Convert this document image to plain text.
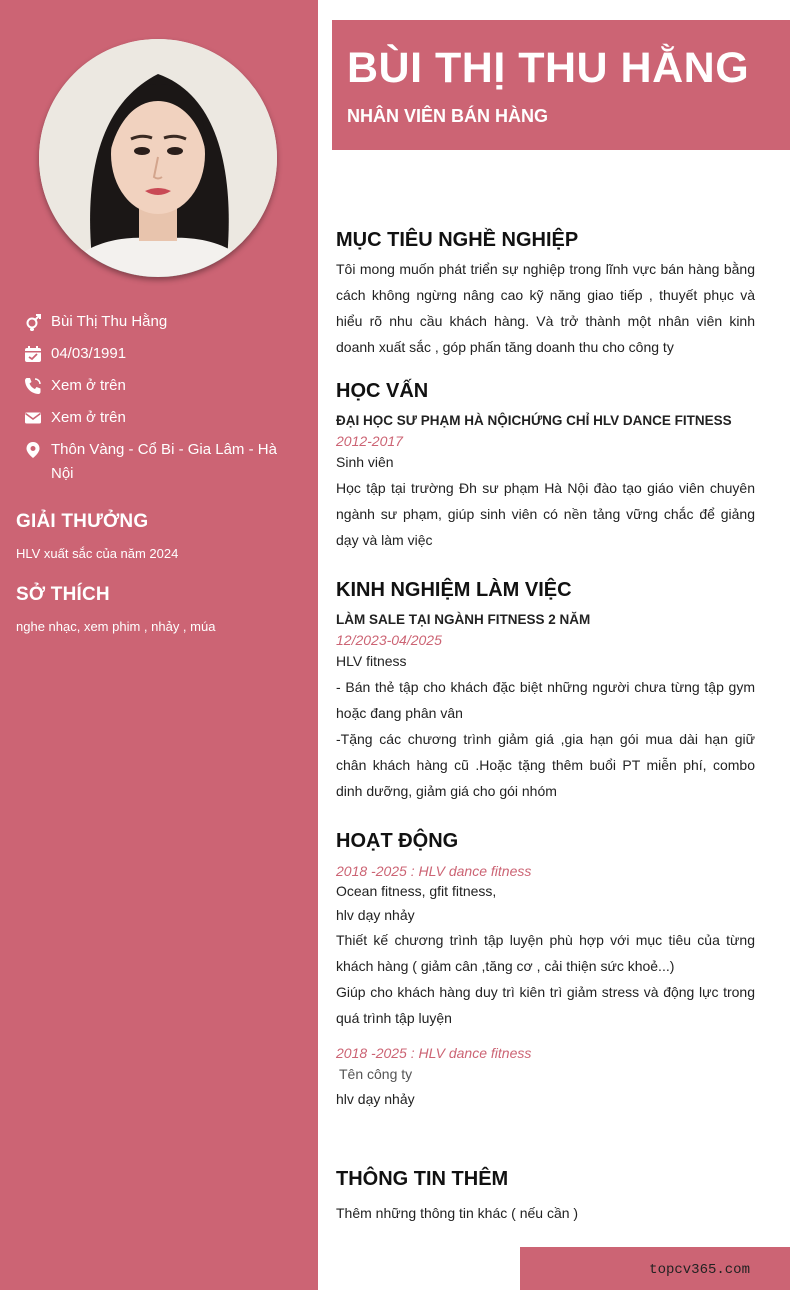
Bùi Thị Thu Hằng
04/03/1991
Xem ở trên
Xem ở trên
Thôn Vàng - Cổ Bi - Gia Lâm - Hà Nội
GIẢI THƯỞNG
HLV xuất sắc của năm 2024
SỞ THÍCH
nghe nhạc, xem phim , nhảy , múa
BÙI THỊ THU HẰNG
NHÂN VIÊN BÁN HÀNG
MỤC TIÊU NGHỀ NGHIỆP
Tôi mong muốn phát triển sự nghiệp trong lĩnh vực bán hàng bằng cách không ngừng nâng cao kỹ năng giao tiếp , thuyết phục và hiểu rõ nhu cầu khách hàng. Và trở thành một nhân viên kinh doanh xuất sắc , góp phấn tăng doanh thu cho công ty
HỌC VẤN
ĐẠI HỌC SƯ PHẠM HÀ NỘICHỨNG CHỈ HLV DANCE FITNESS
2012-2017
Sinh viên
Học tập tại trường Đh sư phạm Hà Nội đào tạo giáo viên chuyên ngành sư phạm, giúp sinh viên có nền tảng vững chắc để giảng dạy và làm việc
KINH NGHIỆM LÀM VIỆC
LÀM SALE TẠI NGÀNH FITNESS 2 NĂM
12/2023-04/2025
HLV fitness
- Bán thẻ tập cho khách đặc biệt những người chưa từng tập gym hoặc đang phân vân
-Tặng các chương trình giảm giá ,gia hạn gói mua dài hạn giữ chân khách hàng cũ .Hoặc tặng thêm buổi PT miễn phí, combo dinh dưỡng, giảm giá cho gói nhóm
HOẠT ĐỘNG
2018 -2025 : HLV dance fitness
Ocean fitness, gfit fitness,
hlv dạy nhảy
Thiết kế chương trình tập luyện phù hợp với mục tiêu của từng khách hàng ( giảm cân ,tăng cơ , cải thiện sức khoẻ...)
Giúp cho khách hàng duy trì kiên trì giảm stress và động lực trong quá trình tập luyện
2018 -2025 : HLV dance fitness
Tên công ty
hlv dạy nhảy
THÔNG TIN THÊM
Thêm những thông tin khác ( nếu cần )
topcv365.com
